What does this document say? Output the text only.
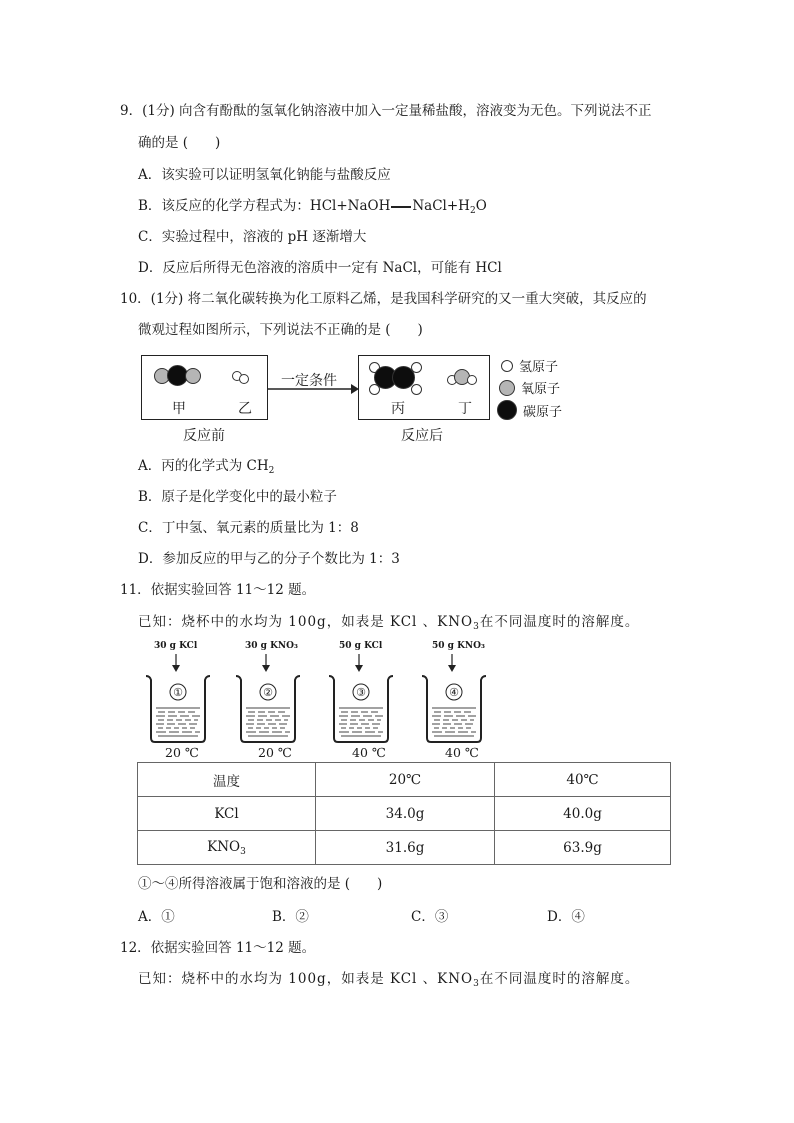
9．(1分) 向含有酚酞的氢氧化钠溶液中加入一定量稀盐酸，溶液变为无色。下列说法不正
确的是 (　　)
A．该实验可以证明氢氧化钠能与盐酸反应
B．该反应的化学方程式为：HCl+NaOH $NaCl+H_2O$
C．实验过程中，溶液的 pH 逐渐增大
D．反应后所得无色溶液的溶质中一定有 NaCl，可能有 HCl
10．(1分) 将二氧化碳转换为化工原料乙烯，是我国科学研究的又一重大突破，其反应的
微观过程如图所示，下列说法不正确的是 (　　)
甲	乙
反应前
一定条件
丙	丁
反应后
氢原子
氧原子
碳原子
A．丙的化学式为 $CH_2$
B．原子是化学变化中的最小粒子
C．丁中氢、氧元素的质量比为 1：8
D．参加反应的甲与乙的分子个数比为 1：3
11．依据实验回答 11～12 题。
已知：烧杯中的水均为 100g，如表是 KCl 、$KNO_3$在不同温度时的溶解度。
30 g KCl
①
20 ℃
30 g KNO₃
②
20 ℃
50 g KCl
③
40 ℃
50 g KNO₃
④
40 ℃
温度	20℃	40℃
KCl	34.0g	40.0g
$KNO_3$	31.6g	63.9g
①～④所得溶液属于饱和溶液的是 (　　)
A．①	B．②	C．③	D．④
12．依据实验回答 11～12 题。
已知：烧杯中的水均为 100g，如表是 KCl 、$KNO_3$在不同温度时的溶解度。
